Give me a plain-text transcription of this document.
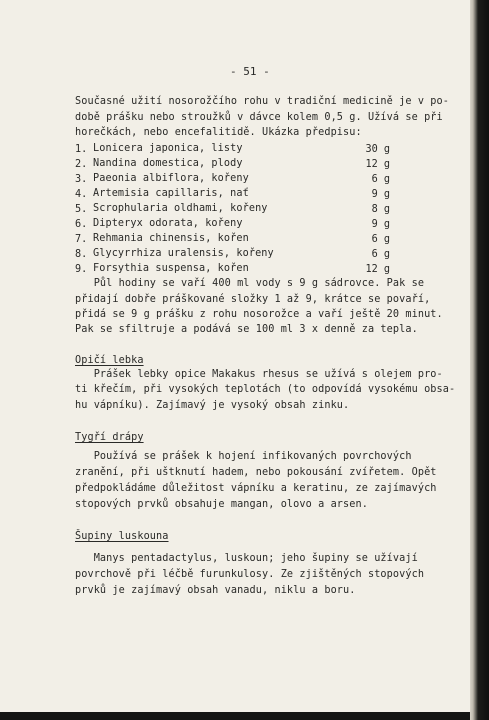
- 51 -
Současné užití nosorožčího rohu v tradiční medicině je v po-
době prášku nebo stroužků v dávce kolem 0,5 g. Užívá se při
horečkách, nebo encefalitidě. Ukázka předpisu:
1. Lonicera japonica, listy	30 g
2. Nandina domestica, plody	12 g
3. Paeonia albiflora, kořeny	6 g
4. Artemisia capillaris, nať	9 g
5. Scrophularia oldhami, kořeny	8 g
6. Dipteryx odorata, kořeny	9 g
7. Rehmania chinensis, kořen	6 g
8. Glycyrrhiza uralensis, kořeny	6 g
9. Forsythia suspensa, kořen	12 g
Půl hodiny se vaří 400 ml vody s 9 g sádrovce. Pak se
přidají dobře práškované složky 1 až 9, krátce se povaří,
přidá se 9 g prášku z rohu nosorožce a vaří ještě 20 minut.
Pak se sfiltruje a podává se 100 ml 3 x denně za tepla.
Opičí lebka
Prášek lebky opice Makakus rhesus se užívá s olejem pro-
ti křečím, při vysokých teplotách (to odpovídá vysokému obsa-
hu vápníku). Zajímavý je vysoký obsah zinku.
Tygří drápy
Používá se prášek k hojení infikovaných povrchových
zranění, při uštknutí hadem, nebo pokousání zvířetem. Opět
předpokládáme důležitost vápníku a keratinu, ze zajímavých
stopových prvků obsahuje mangan, olovo a arsen.
Šupiny luskouna
Manys pentadactylus, luskoun; jeho šupiny se užívají
povrchově při léčbě furunkulosy. Ze zjištěných stopových
prvků je zajímavý obsah vanadu, niklu a boru.
